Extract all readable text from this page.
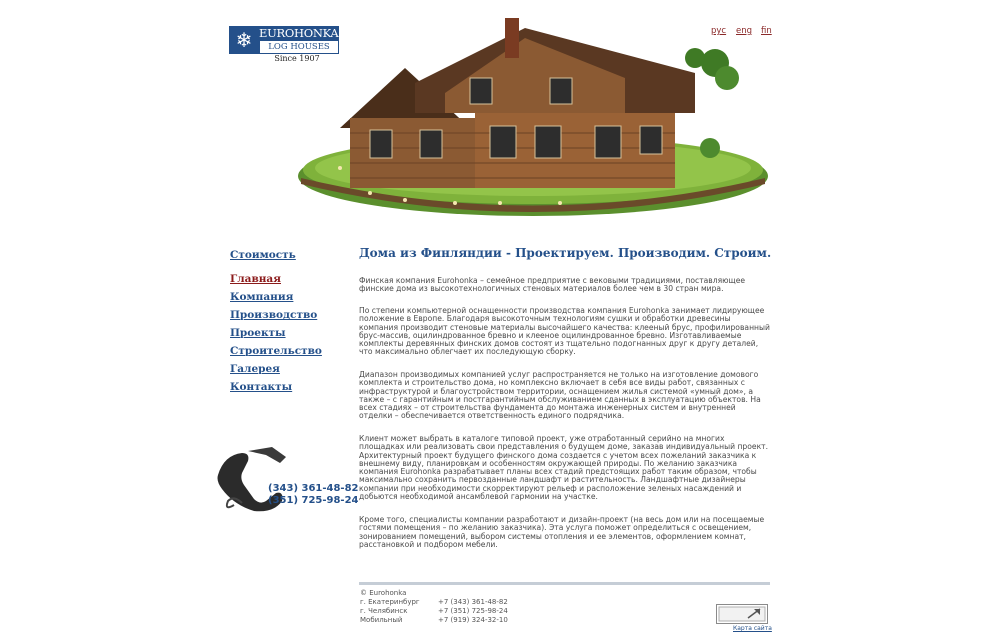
❄ EUROHONKA
LOG HOUSES
Since 1907
рус eng fin
Стоимость
Главная
Компания
Производство
Проекты
Строительство
Галерея
Контакты
(343) 361-48-82
(351) 725-98-24
Дома из Финляндии - Проектируем. Производим. Строим.

Финская компания Eurohonka – семейное предприятие с вековыми традициями, поставляющее финские дома из высокотехнологичных стеновых материалов более чем в 30 стран мира.

По степени компьютерной оснащенности производства компания Eurohonka занимает лидирующее положение в Европе. Благодаря высокоточным технологиям сушки и обработки древесины компания производит стеновые материалы высочайшего качества: клееный брус, профилированный брус-массив, оцилиндрованное бревно и клееное оцилиндрованное бревно. Изготавливаемые комплекты деревянных финских домов состоят из тщательно подогнанных друг к другу деталей, что максимально облегчает их последующую сборку.

Диапазон производимых компанией услуг распространяется не только на изготовление домового комплекта и строительство дома, но комплексно включает в себя все виды работ, связанных с инфраструктурой и благоустройством территории, оснащением жилья системой «умный дом», а также – с гарантийным и постгарантийным обслуживанием сданных в эксплуатацию объектов. На всех стадиях – от строительства фундамента до монтажа инженерных систем и внутренней отделки – обеспечивается ответственность единого подрядчика.

Клиент может выбрать в каталоге типовой проект, уже отработанный серийно на многих площадках или реализовать свои представления о будущем доме, заказав индивидуальный проект. Архитектурный проект будущего финского дома создается с учетом всех пожеланий заказчика к внешнему виду, планировкам и особенностям окружающей природы. По желанию заказчика компания Eurohonka разрабатывает планы всех стадий предстоящих работ таким образом, чтобы максимально сохранить первозданные ландшафт и растительность. Ландшафтные дизайнеры компании при необходимости скорректируют рельеф и расположение зеленых насаждений и добьются необходимой ансамблевой гармонии на участке.

Кроме того, специалисты компании разработают и дизайн-проект (на весь дом или на посещаемые гостями помещения – по желанию заказчика). Эта услуга поможет определиться с освещением, зонированием помещений, выбором системы отопления и ее элементов, оформлением комнат, расстановкой и подбором мебели.

© Eurohonka
г. Екатеринбург	+7 (343) 361-48-82
г. Челябинск	+7 (351) 725-98-24
Мобильный	+7 (919) 324-32-10
Карта сайта
